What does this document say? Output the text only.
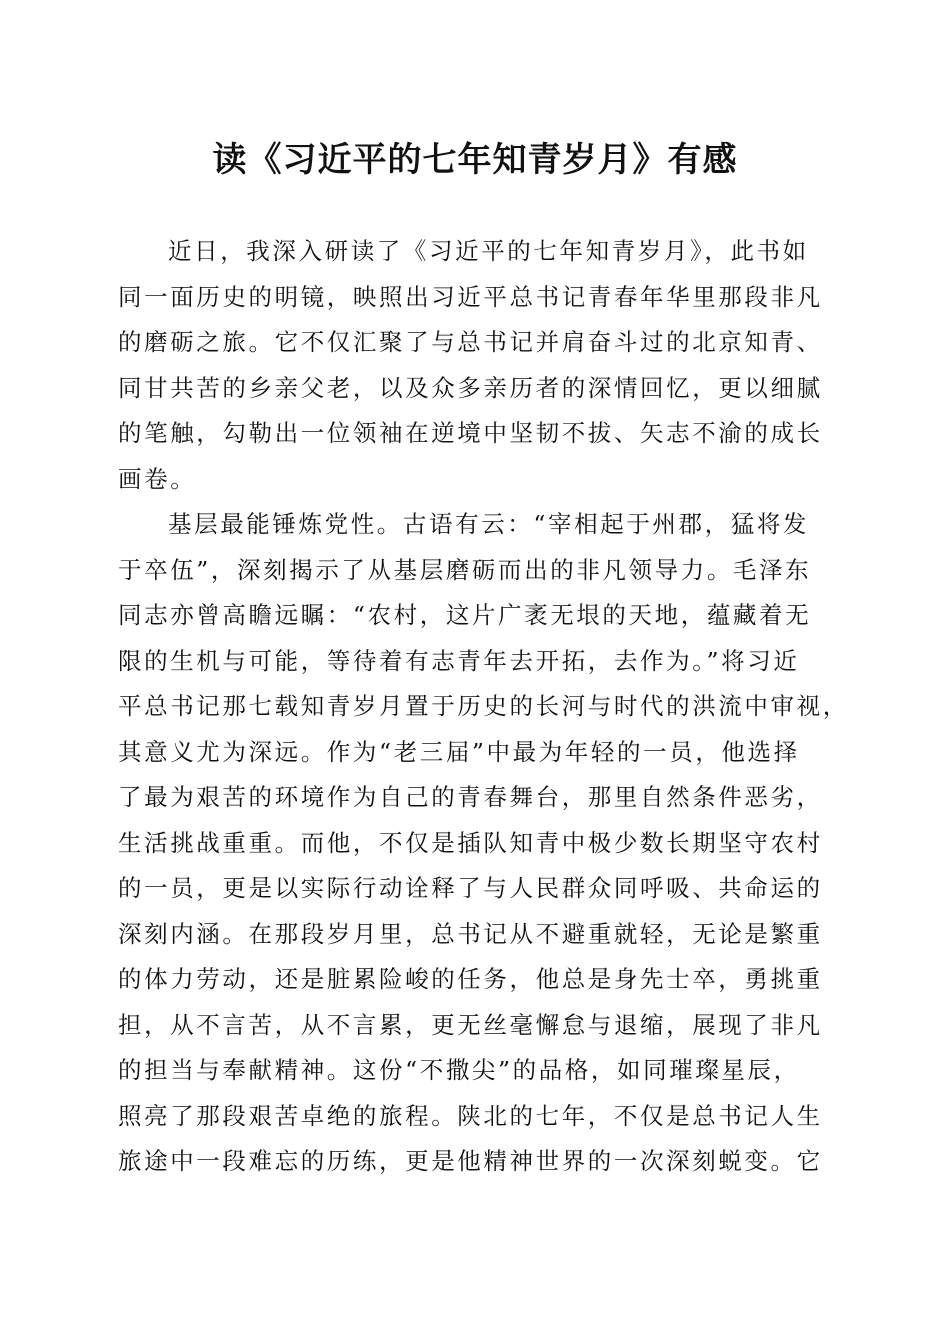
读《习近平的七年知青岁月》有感
近日，我深入研读了《习近平的七年知青岁月》，此书如
同一面历史的明镜，映照出习近平总书记青春年华里那段非凡
的磨砺之旅。它不仅汇聚了与总书记并肩奋斗过的北京知青、
同甘共苦的乡亲父老，以及众多亲历者的深情回忆，更以细腻
的笔触，勾勒出一位领袖在逆境中坚韧不拔、矢志不渝的成长
画卷。
基层最能锤炼党性。古语有云：“宰相起于州郡，猛将发
于卒伍”，深刻揭示了从基层磨砺而出的非凡领导力。毛泽东
同志亦曾高瞻远瞩：“农村，这片广袤无垠的天地，蕴藏着无
限的生机与可能，等待着有志青年去开拓，去作为。”将习近
平总书记那七载知青岁月置于历史的长河与时代的洪流中审视，
其意义尤为深远。作为“老三届”中最为年轻的一员，他选择
了最为艰苦的环境作为自己的青春舞台，那里自然条件恶劣，
生活挑战重重。而他，不仅是插队知青中极少数长期坚守农村
的一员，更是以实际行动诠释了与人民群众同呼吸、共命运的
深刻内涵。在那段岁月里，总书记从不避重就轻，无论是繁重
的体力劳动，还是脏累险峻的任务，他总是身先士卒，勇挑重
担，从不言苦，从不言累，更无丝毫懈怠与退缩，展现了非凡
的担当与奉献精神。这份“不撒尖”的品格，如同璀璨星辰，
照亮了那段艰苦卓绝的旅程。陕北的七年，不仅是总书记人生
旅途中一段难忘的历练，更是他精神世界的一次深刻蜕变。它
